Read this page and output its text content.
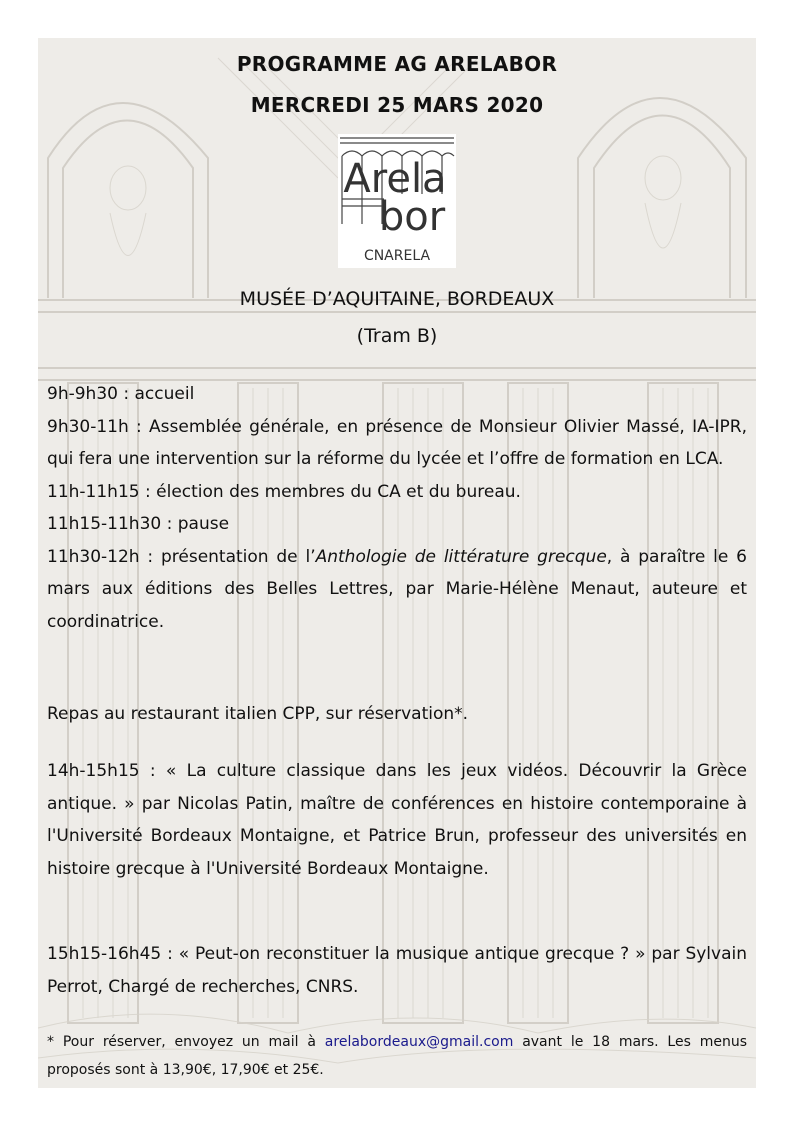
PROGRAMME AG ARELABOR
MERCREDI 25 MARS 2020
Arela
bor
CNARELA
MUSÉE D’AQUITAINE, BORDEAUX
(Tram B)

9h-9h30 : accueil

9h30-11h : Assemblée générale, en présence de Monsieur Olivier Massé, IA-IPR, qui fera une intervention sur la réforme du lycée et l’offre de formation en LCA.

11h-11h15 : élection des membres du CA et du bureau.

11h15-11h30 : pause

11h30-12h : présentation de l’Anthologie de littérature grecque, à paraître le 6 mars aux éditions des Belles Lettres, par Marie-Hélène Menaut, auteure et coordinatrice.

Repas au restaurant italien CPP, sur réservation*.

14h-15h15 : « La culture classique dans les jeux vidéos. Découvrir la Grèce antique. » par Nicolas Patin, maître de conférences en histoire contemporaine à l'Université Bordeaux Montaigne, et Patrice Brun, professeur des universités en histoire grecque à l'Université Bordeaux Montaigne.

15h15-16h45 : « Peut-on reconstituer la musique antique grecque ? » par Sylvain Perrot, Chargé de recherches, CNRS.

* Pour réserver, envoyez un mail à arelabordeaux@gmail.com avant le 18 mars. Les menus proposés sont à 13,90€, 17,90€ et 25€.
